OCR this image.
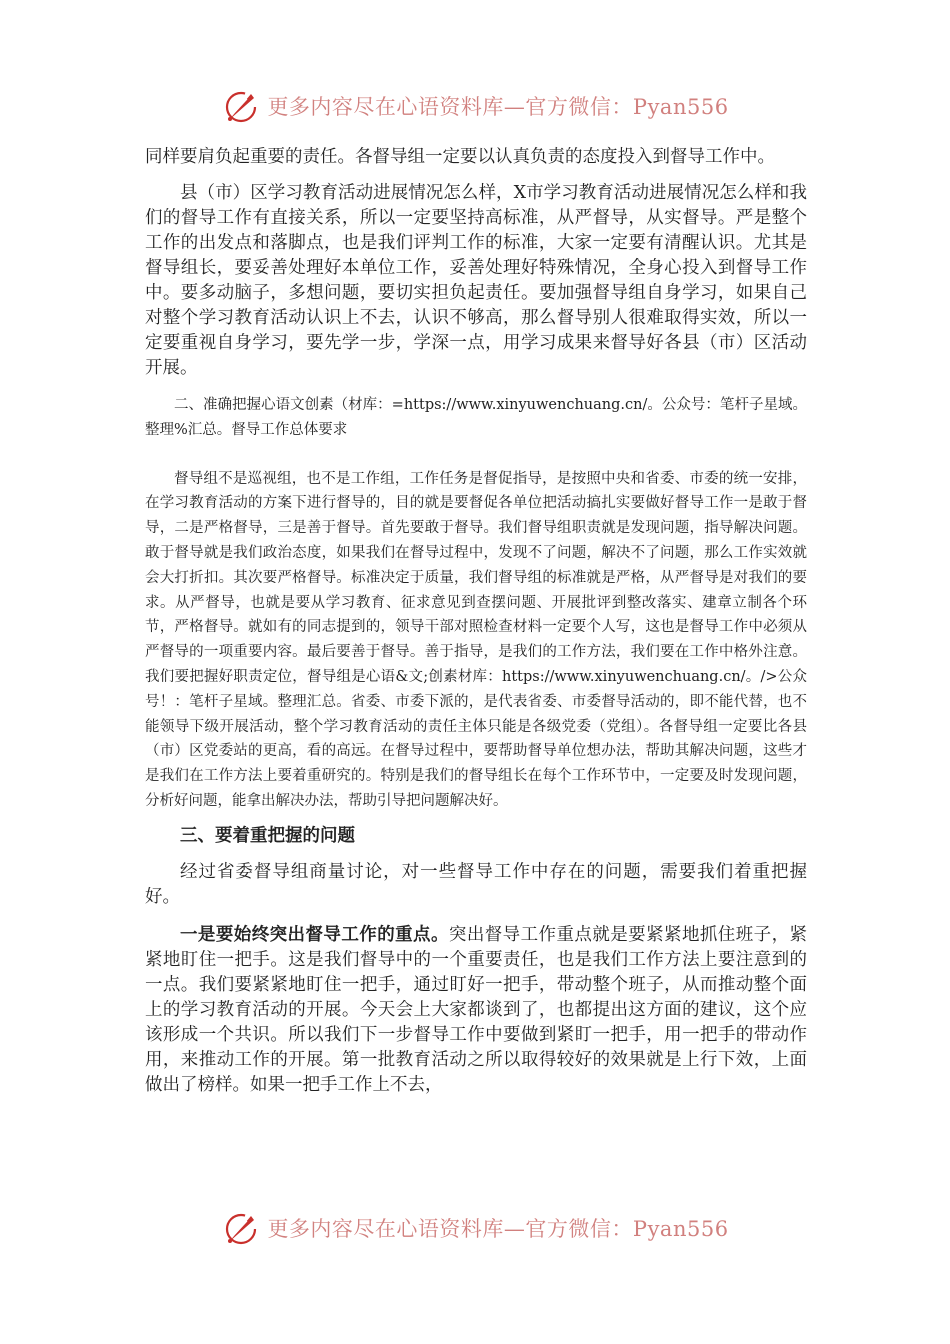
更多内容尽在心语资料库—官方微信：Pyan556

同样要肩负起重要的责任。各督导组一定要以认真负责的态度投入到督导工作中。

县（市）区学习教育活动进展情况怎么样，X市学习教育活动进展情况怎么样和我们的督导工作有直接关系，所以一定要坚持高标准，从严督导，从实督导。严是整个工作的出发点和落脚点，也是我们评判工作的标准，大家一定要有清醒认识。尤其是督导组长，要妥善处理好本单位工作，妥善处理好特殊情况，全身心投入到督导工作中。要多动脑子，多想问题，要切实担负起责任。要加强督导组自身学习，如果自己对整个学习教育活动认识上不去，认识不够高，那么督导别人很难取得实效，所以一定要重视自身学习，要先学一步，学深一点，用学习成果来督导好各县（市）区活动开展。

二、准确把握心语文创素（材库：=https://www.xinyuwenchuang.cn/。公众号：笔杆子星域。整理%汇总。督导工作总体要求

督导组不是巡视组，也不是工作组，工作任务是督促指导，是按照中央和省委、市委的统一安排，在学习教育活动的方案下进行督导的，目的就是要督促各单位把活动搞扎实要做好督导工作一是敢于督导，二是严格督导，三是善于督导。首先要敢于督导。我们督导组职责就是发现问题，指导解决问题。敢于督导就是我们政治态度，如果我们在督导过程中，发现不了问题，解决不了问题，那么工作实效就会大打折扣。其次要严格督导。标准决定于质量，我们督导组的标准就是严格，从严督导是对我们的要求。从严督导，也就是要从学习教育、征求意见到查摆问题、开展批评到整改落实、建章立制各个环节，严格督导。就如有的同志提到的，领导干部对照检查材料一定要个人写，这也是督导工作中必须从严督导的一项重要内容。最后要善于督导。善于指导，是我们的工作方法，我们要在工作中格外注意。我们要把握好职责定位，督导组是心语&文;创素材库：https://www.xinyuwenchuang.cn/。/>公众号！：笔杆子星域。整理汇总。省委、市委下派的，是代表省委、市委督导活动的，即不能代替，也不能领导下级开展活动，整个学习教育活动的责任主体只能是各级党委（党组）。各督导组一定要比各县（市）区党委站的更高，看的高远。在督导过程中，要帮助督导单位想办法，帮助其解决问题，这些才是我们在工作方法上要着重研究的。特别是我们的督导组长在每个工作环节中，一定要及时发现问题，分析好问题，能拿出解决办法，帮助引导把问题解决好。

三、要着重把握的问题

经过省委督导组商量讨论，对一些督导工作中存在的问题，需要我们着重把握好。

一是要始终突出督导工作的重点。突出督导工作重点就是要紧紧地抓住班子，紧紧地盯住一把手。这是我们督导中的一个重要责任，也是我们工作方法上要注意到的一点。我们要紧紧地盯住一把手，通过盯好一把手，带动整个班子，从而推动整个面上的学习教育活动的开展。今天会上大家都谈到了，也都提出这方面的建议，这个应该形成一个共识。所以我们下一步督导工作中要做到紧盯一把手，用一把手的带动作用，来推动工作的开展。第一批教育活动之所以取得较好的效果就是上行下效，上面做出了榜样。如果一把手工作上不去，

更多内容尽在心语资料库—官方微信：Pyan556
